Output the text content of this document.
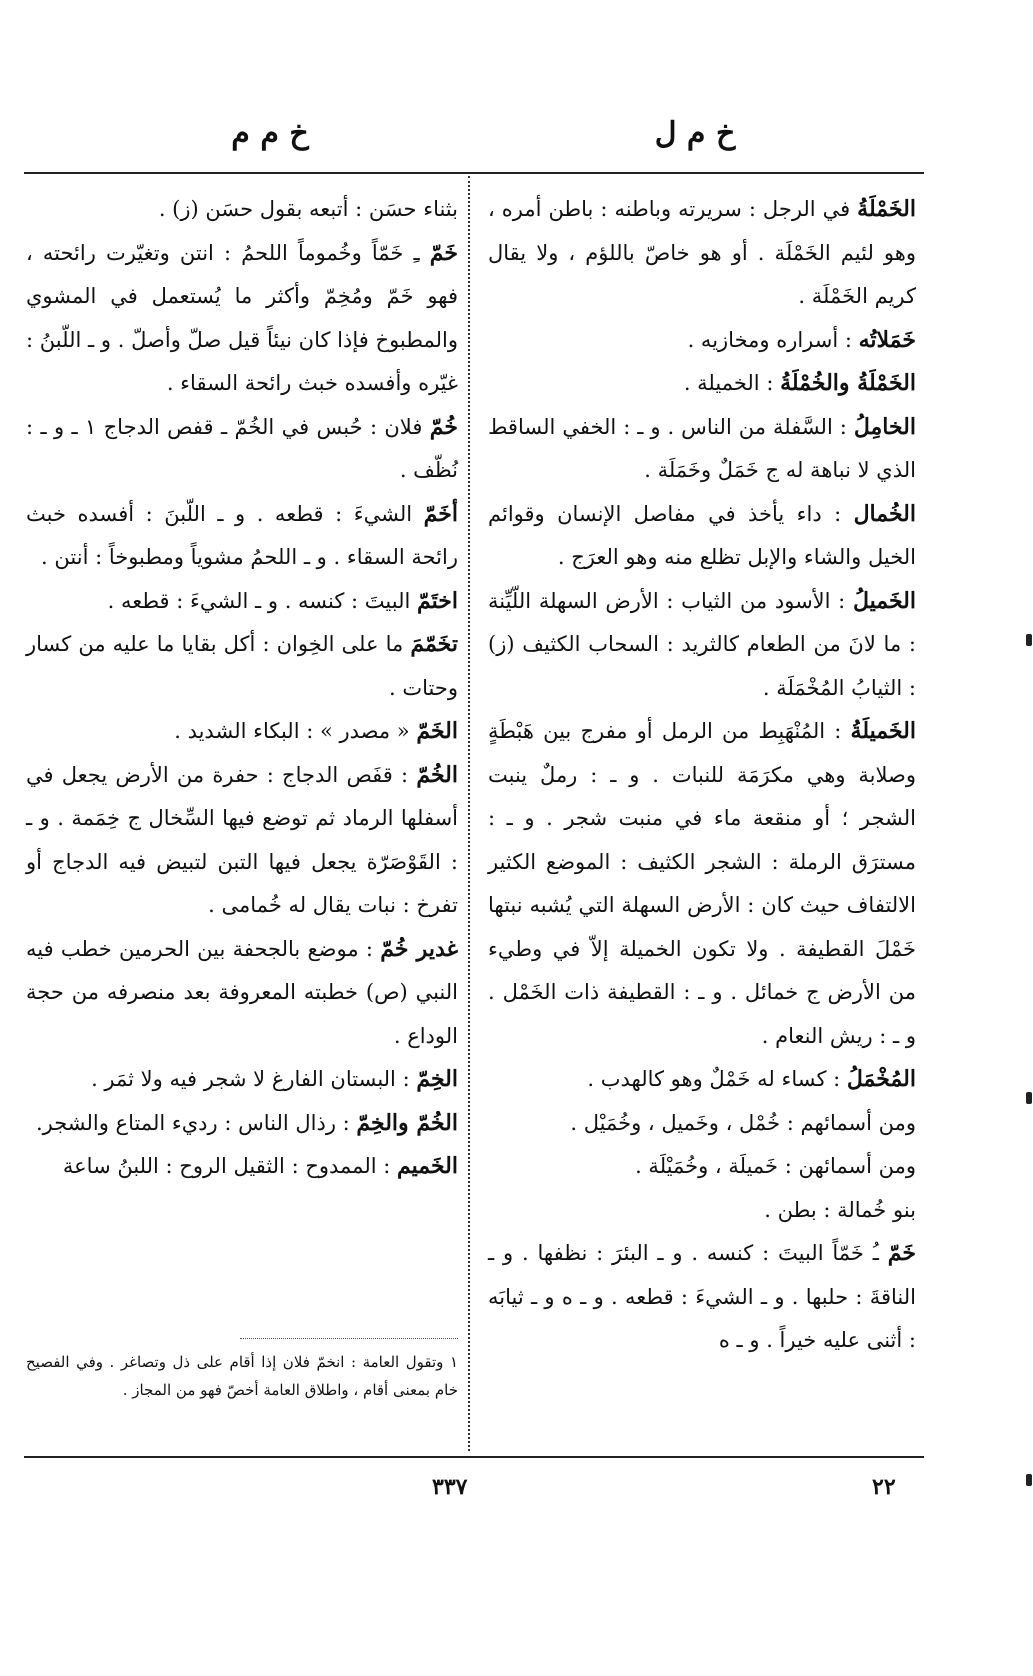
خ م ل
خ م م

الخَمْلَةُ في الرجل : سريرته وباطنه : باطن أمره ، وهو لئيم الخَمْلَة . أو هو خاصّ باللؤم ، ولا يقال كريم الخَمْلَة .

خَمَلاتُه : أسراره ومخازيه .

الخَمْلَةُ والخُمْلَةُ : الخميلة .

الخامِلُ : السَّفلة من الناس . و ـ : الخفي الساقط الذي لا نباهة له ج خَمَلٌ وخَمَلَة .

الخُمال : داء يأخذ في مفاصل الإنسان وقوائم الخيل والشاء والإبل تظلع منه وهو العرَج .

الخَميلُ : الأسود من الثياب : الأرض السهلة اللّيِّنة : ما لانَ من الطعام كالثريد : السحاب الكثيف (ز) : الثيابُ المُخْمَلَة .

الخَميلَةُ : المُنْهَبِط من الرمل أو مفرج بين هَبْطَةٍ وصلابة وهي مكرَمَة للنبات . و ـ : رملٌ ينبت الشجر ؛ أو منقعة ماء في منبت شجر . و ـ : مسترَق الرملة : الشجر الكثيف : الموضع الكثير الالتفاف حيث كان : الأرض السهلة التي يُشبه نبتها خَمْلَ القطيفة . ولا تكون الخميلة إلاّ في وطيء من الأرض ج خمائل . و ـ : القطيفة ذات الخَمْل . و ـ : ريش النعام .

المُخْمَلُ : كساء له خَمْلٌ وهو كالهدب .

ومن أسمائهم : خُمْل ، وخَميل ، وخُمَيْل .

ومن أسمائهن : خَميلَة ، وخُمَيْلَة .

بنو خُمالة : بطن .

خَمّ ـُ خَمّاً البيتَ : كنسه . و ـ البئرَ : نظفها . و ـ الناقةَ : حلبها . و ـ الشيءَ : قطعه . و ـ ه و ـ ثيابَه : أثنى عليه خيراً . و ـ ه

بثناء حسَن : أتبعه بقول حسَن (ز) .

خَمّ ـِ خَمّاً وخُموماً اللحمُ : انتن وتغيّرت رائحته ، فهو خَمّ ومُخِمّ وأكثر ما يُستعمل في المشوي والمطبوخ فإذا كان نيئاً قيل صلّ وأصلّ . و ـ اللّبنُ : غيّره وأفسده خبث رائحة السقاء .

خُمّ فلان : حُبس في الخُمّ ـ قفص الدجاج ١ ـ و ـ : نُظّف .

أخَمّ الشيءَ : قطعه . و ـ اللّبنَ : أفسده خبث رائحة السقاء . و ـ اللحمُ مشوياً ومطبوخاً : أنتن .

اختَمّ البيتَ : كنسه . و ـ الشيءَ : قطعه .

تخَمّمَ ما على الخِوان : أكل بقايا ما عليه من كسار وحتات .

الخَمّ « مصدر » : البكاء الشديد .

الخُمّ : قفَص الدجاج : حفرة من الأرض يجعل في أسفلها الرماد ثم توضع فيها السِّخال ج خِمَمة . و ـ : القَوْصَرّة يجعل فيها التبن لتبيض فيه الدجاج أو تفرخ : نبات يقال له خُمامى .

غدير خُمّ : موضع بالجحفة بين الحرمين خطب فيه النبي (ص) خطبته المعروفة بعد منصرفه من حجة الوداع .

الخِمّ : البستان الفارغ لا شجر فيه ولا ثمَر .

الخُمّ والخِمّ : رذال الناس : رديء المتاع والشجر.

الخَميم : الممدوح : الثقيل الروح : اللبنُ ساعة

١ وتقول العامة : انخمّ فلان إذا أقام على ذل وتصاغر . وفي الفصيح خام بمعنى أقام ، واطلاق العامة أخصّ فهو من المجاز .
٣٣٧	٢٢
